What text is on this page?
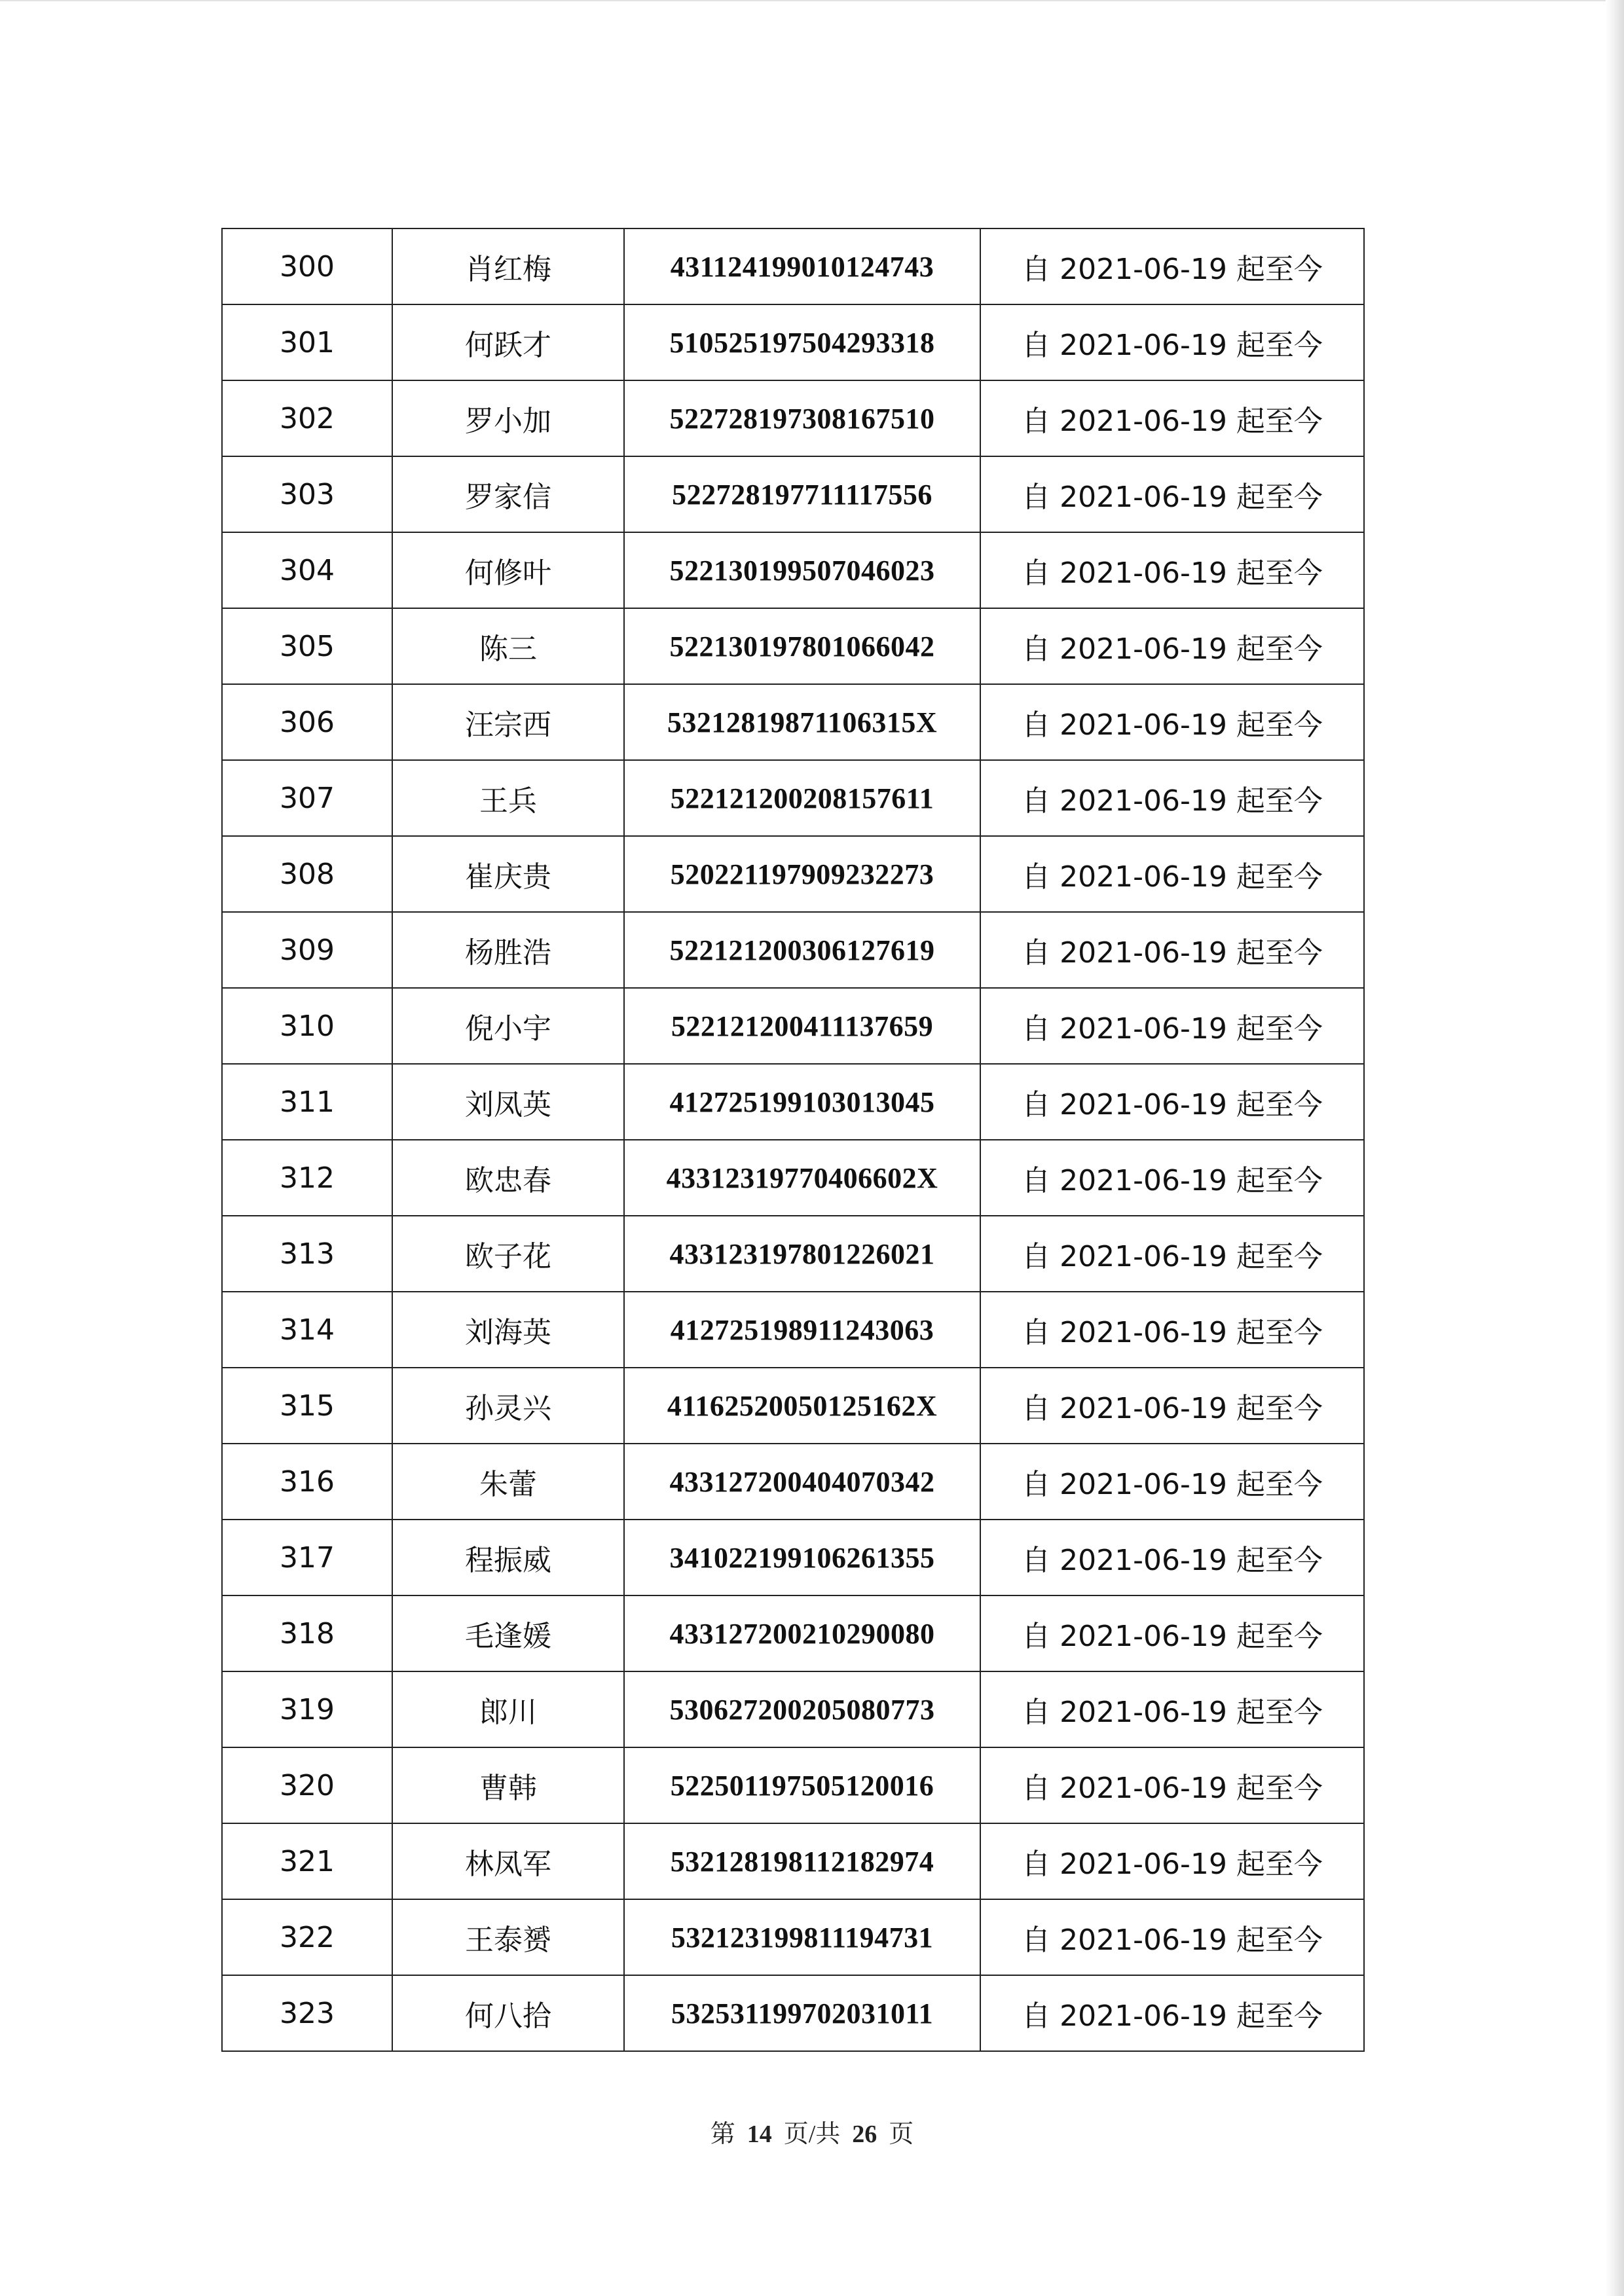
300	肖红梅	431124199010124743	自 2021-06-19 起至今
301	何跃才	510525197504293318	自 2021-06-19 起至今
302	罗小加	522728197308167510	自 2021-06-19 起至今
303	罗家信	522728197711117556	自 2021-06-19 起至今
304	何修叶	522130199507046023	自 2021-06-19 起至今
305	陈三	522130197801066042	自 2021-06-19 起至今
306	汪宗西	53212819871106315X	自 2021-06-19 起至今
307	王兵	522121200208157611	自 2021-06-19 起至今
308	崔庆贵	520221197909232273	自 2021-06-19 起至今
309	杨胜浩	522121200306127619	自 2021-06-19 起至今
310	倪小宇	522121200411137659	自 2021-06-19 起至今
311	刘凤英	412725199103013045	自 2021-06-19 起至今
312	欧忠春	43312319770406602X	自 2021-06-19 起至今
313	欧子花	433123197801226021	自 2021-06-19 起至今
314	刘海英	412725198911243063	自 2021-06-19 起至今
315	孙灵兴	41162520050125162X	自 2021-06-19 起至今
316	朱蕾	433127200404070342	自 2021-06-19 起至今
317	程振威	341022199106261355	自 2021-06-19 起至今
318	毛逢媛	433127200210290080	自 2021-06-19 起至今
319	郎川	530627200205080773	自 2021-06-19 起至今
320	曹韩	522501197505120016	自 2021-06-19 起至今
321	林凤军	532128198112182974	自 2021-06-19 起至今
322	王泰赟	532123199811194731	自 2021-06-19 起至今
323	何八拾	532531199702031011	自 2021-06-19 起至今
第 14 页/共 26 页
